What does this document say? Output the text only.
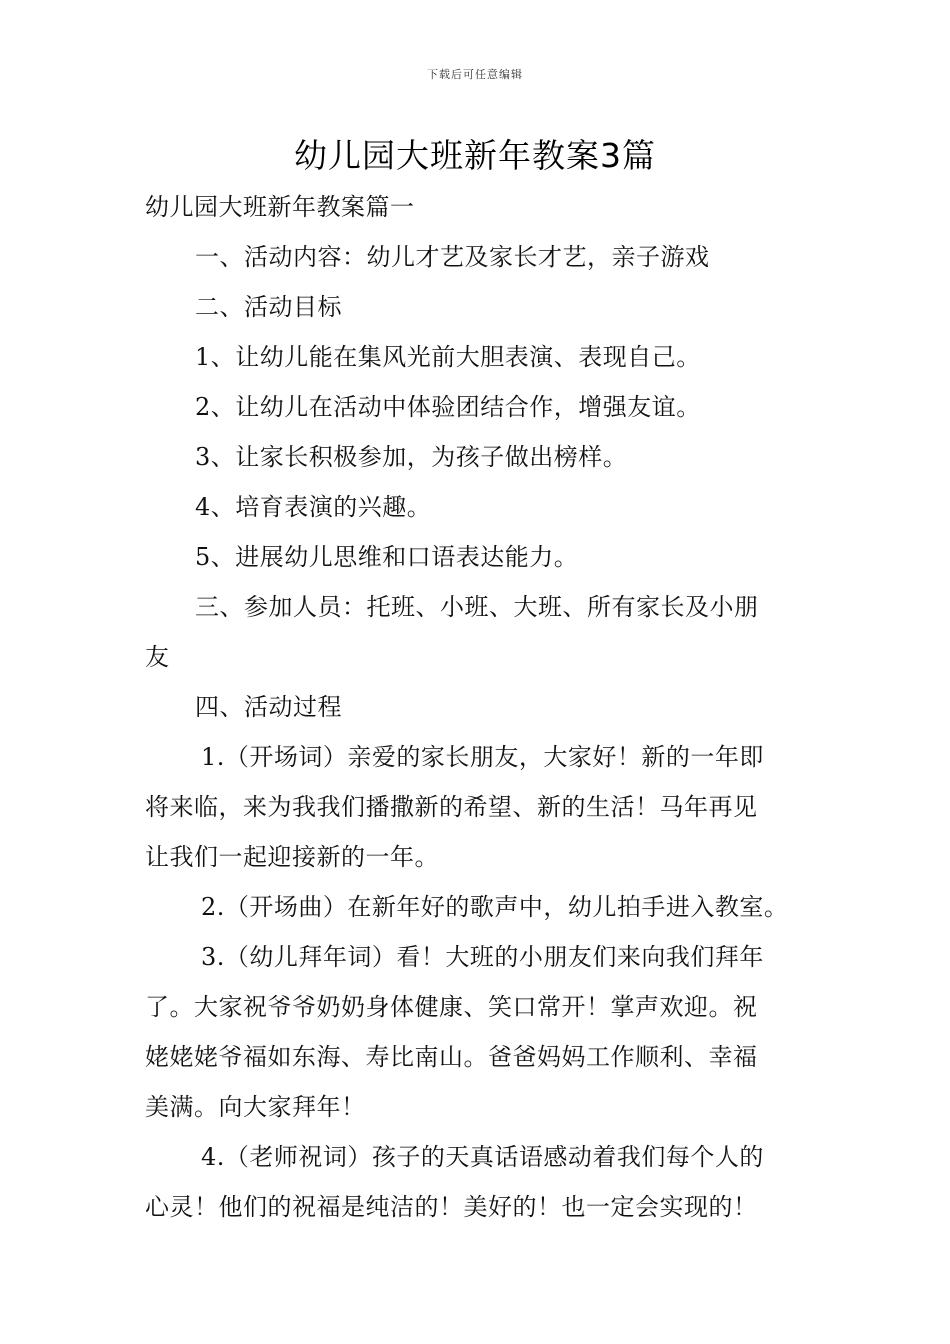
下载后可任意编辑
幼儿园大班新年教案3篇
幼儿园大班新年教案篇一
一、活动内容：幼儿才艺及家长才艺，亲子游戏
二、活动目标
1、让幼儿能在集风光前大胆表演、表现自己。
2、让幼儿在活动中体验团结合作，增强友谊。
3、让家长积极参加，为孩子做出榜样。
4、培育表演的兴趣。
5、进展幼儿思维和口语表达能力。
三、参加人员：托班、小班、大班、所有家长及小朋
友
四、活动过程
1.（开场词）亲爱的家长朋友，大家好！新的一年即
将来临，来为我我们播撒新的希望、新的生活！马年再见
让我们一起迎接新的一年。
2.（开场曲）在新年好的歌声中，幼儿拍手进入教室。
3.（幼儿拜年词）看！大班的小朋友们来向我们拜年
了。大家祝爷爷奶奶身体健康、笑口常开！掌声欢迎。祝
姥姥姥爷福如东海、寿比南山。爸爸妈妈工作顺利、幸福
美满。向大家拜年！
4.（老师祝词）孩子的天真话语感动着我们每个人的
心灵！他们的祝福是纯洁的！美好的！也一定会实现的！
